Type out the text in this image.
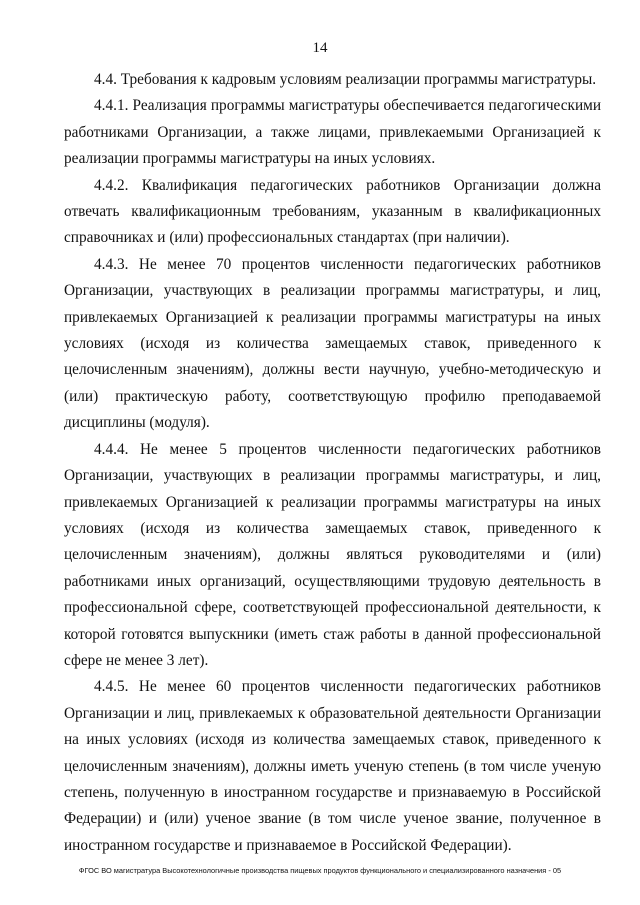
14

4.4. Требования к кадровым условиям реализации программы магистратуры.

4.4.1. Реализация программы магистратуры обеспечивается педагогическими работниками Организации, а также лицами, привлекаемыми Организацией к реализации программы магистратуры на иных условиях.

4.4.2. Квалификация педагогических работников Организации должна отвечать квалификационным требованиям, указанным в квалификационных справочниках и (или) профессиональных стандартах (при наличии).

4.4.3. Не менее 70 процентов численности педагогических работников Организации, участвующих в реализации программы магистратуры, и лиц, привлекаемых Организацией к реализации программы магистратуры на иных условиях (исходя из количества замещаемых ставок, приведенного к целочисленным значениям), должны вести научную, учебно-методическую и (или) практическую работу, соответствующую профилю преподаваемой дисциплины (модуля).

4.4.4. Не менее 5 процентов численности педагогических работников Организации, участвующих в реализации программы магистратуры, и лиц, привлекаемых Организацией к реализации программы магистратуры на иных условиях (исходя из количества замещаемых ставок, приведенного к целочисленным значениям), должны являться руководителями и (или) работниками иных организаций, осуществляющими трудовую деятельность в профессиональной сфере, соответствующей профессиональной деятельности, к которой готовятся выпускники (иметь стаж работы в данной профессиональной сфере не менее 3 лет).

4.4.5. Не менее 60 процентов численности педагогических работников Организации и лиц, привлекаемых к образовательной деятельности Организации на иных условиях (исходя из количества замещаемых ставок, приведенного к целочисленным значениям), должны иметь ученую степень (в том числе ученую степень, полученную в иностранном государстве и признаваемую в Российской Федерации) и (или) ученое звание (в том числе ученое звание, полученное в иностранном государстве и признаваемое в Российской Федерации).

ФГОС ВО магистратура Высокотехнологичные производства пищевых продуктов функционального и специализированного назначения - 05
